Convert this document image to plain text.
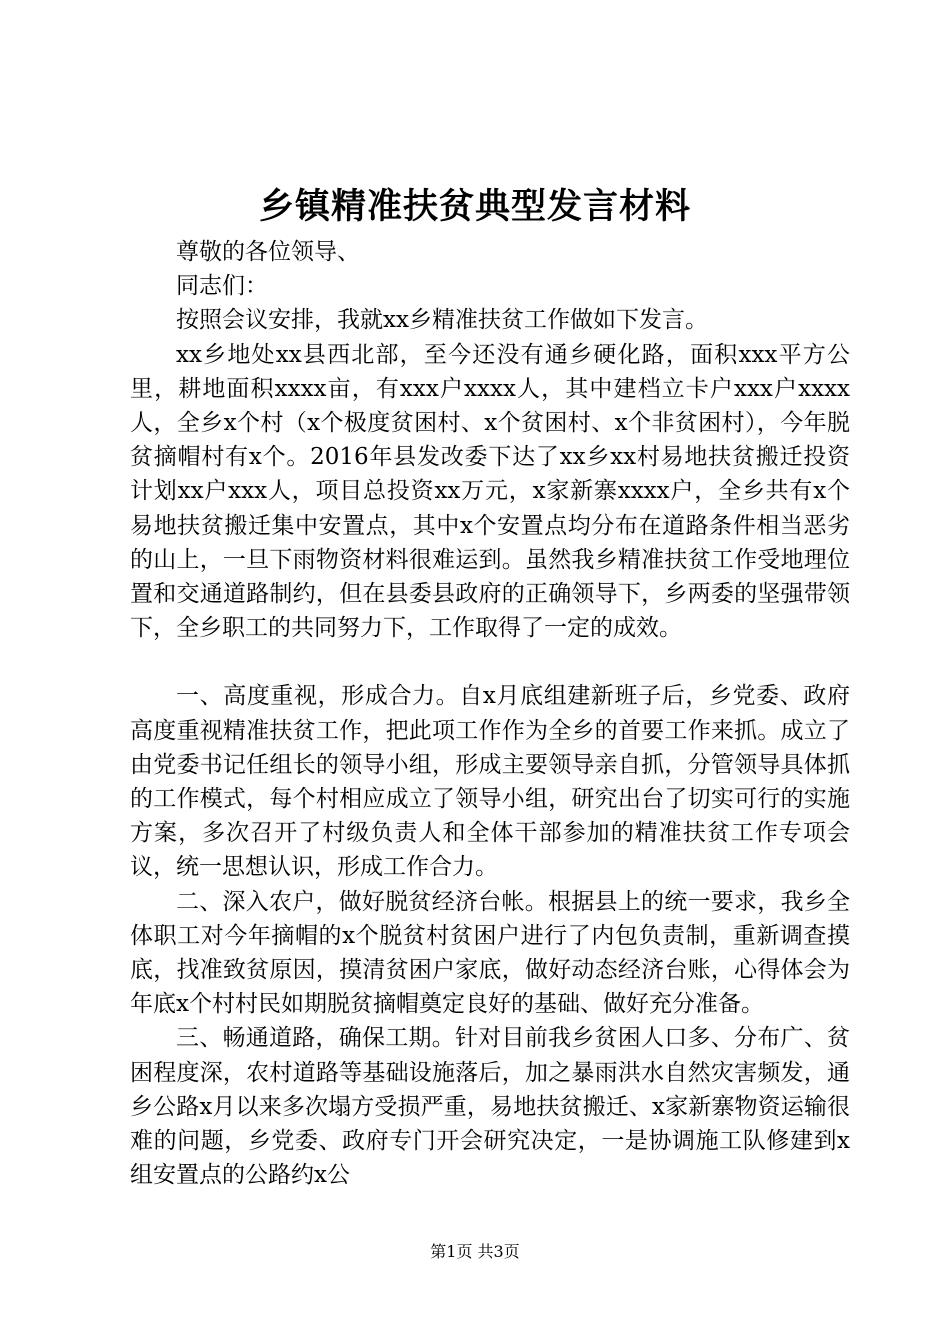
乡镇精准扶贫典型发言材料

尊敬的各位领导、

同志们：

按照会议安排，我就xx乡精准扶贫工作做如下发言。

xx乡地处xx县西北部，至今还没有通乡硬化路，面积xxx平方公里，耕地面积xxxx亩，有xxx户xxxx人，其中建档立卡户xxx户xxxx人，全乡x个村（x个极度贫困村、x个贫困村、x个非贫困村），今年脱贫摘帽村有x个。2016年县发改委下达了xx乡xx村易地扶贫搬迁投资计划xx户xxx人，项目总投资xx万元，x家新寨xxxx户，全乡共有x个易地扶贫搬迁集中安置点，其中x个安置点均分布在道路条件相当恶劣的山上，一旦下雨物资材料很难运到。虽然我乡精准扶贫工作受地理位置和交通道路制约，但在县委县政府的正确领导下，乡两委的坚强带领下，全乡职工的共同努力下，工作取得了一定的成效。

一、高度重视，形成合力。自x月底组建新班子后，乡党委、政府高度重视精准扶贫工作，把此项工作作为全乡的首要工作来抓。成立了由党委书记任组长的领导小组，形成主要领导亲自抓，分管领导具体抓的工作模式，每个村相应成立了领导小组，研究出台了切实可行的实施方案，多次召开了村级负责人和全体干部参加的精准扶贫工作专项会议，统一思想认识，形成工作合力。

二、深入农户，做好脱贫经济台帐。根据县上的统一要求，我乡全体职工对今年摘帽的x个脱贫村贫困户进行了内包负责制，重新调查摸底，找准致贫原因，摸清贫困户家底，做好动态经济台账，心得体会为年底x个村村民如期脱贫摘帽奠定良好的基础、做好充分准备。

三、畅通道路，确保工期。针对目前我乡贫困人口多、分布广、贫困程度深，农村道路等基础设施落后，加之暴雨洪水自然灾害频发，通乡公路x月以来多次塌方受损严重，易地扶贫搬迁、x家新寨物资运输很难的问题，乡党委、政府专门开会研究决定，一是协调施工队修建到x组安置点的公路约x公

第1页 共3页
